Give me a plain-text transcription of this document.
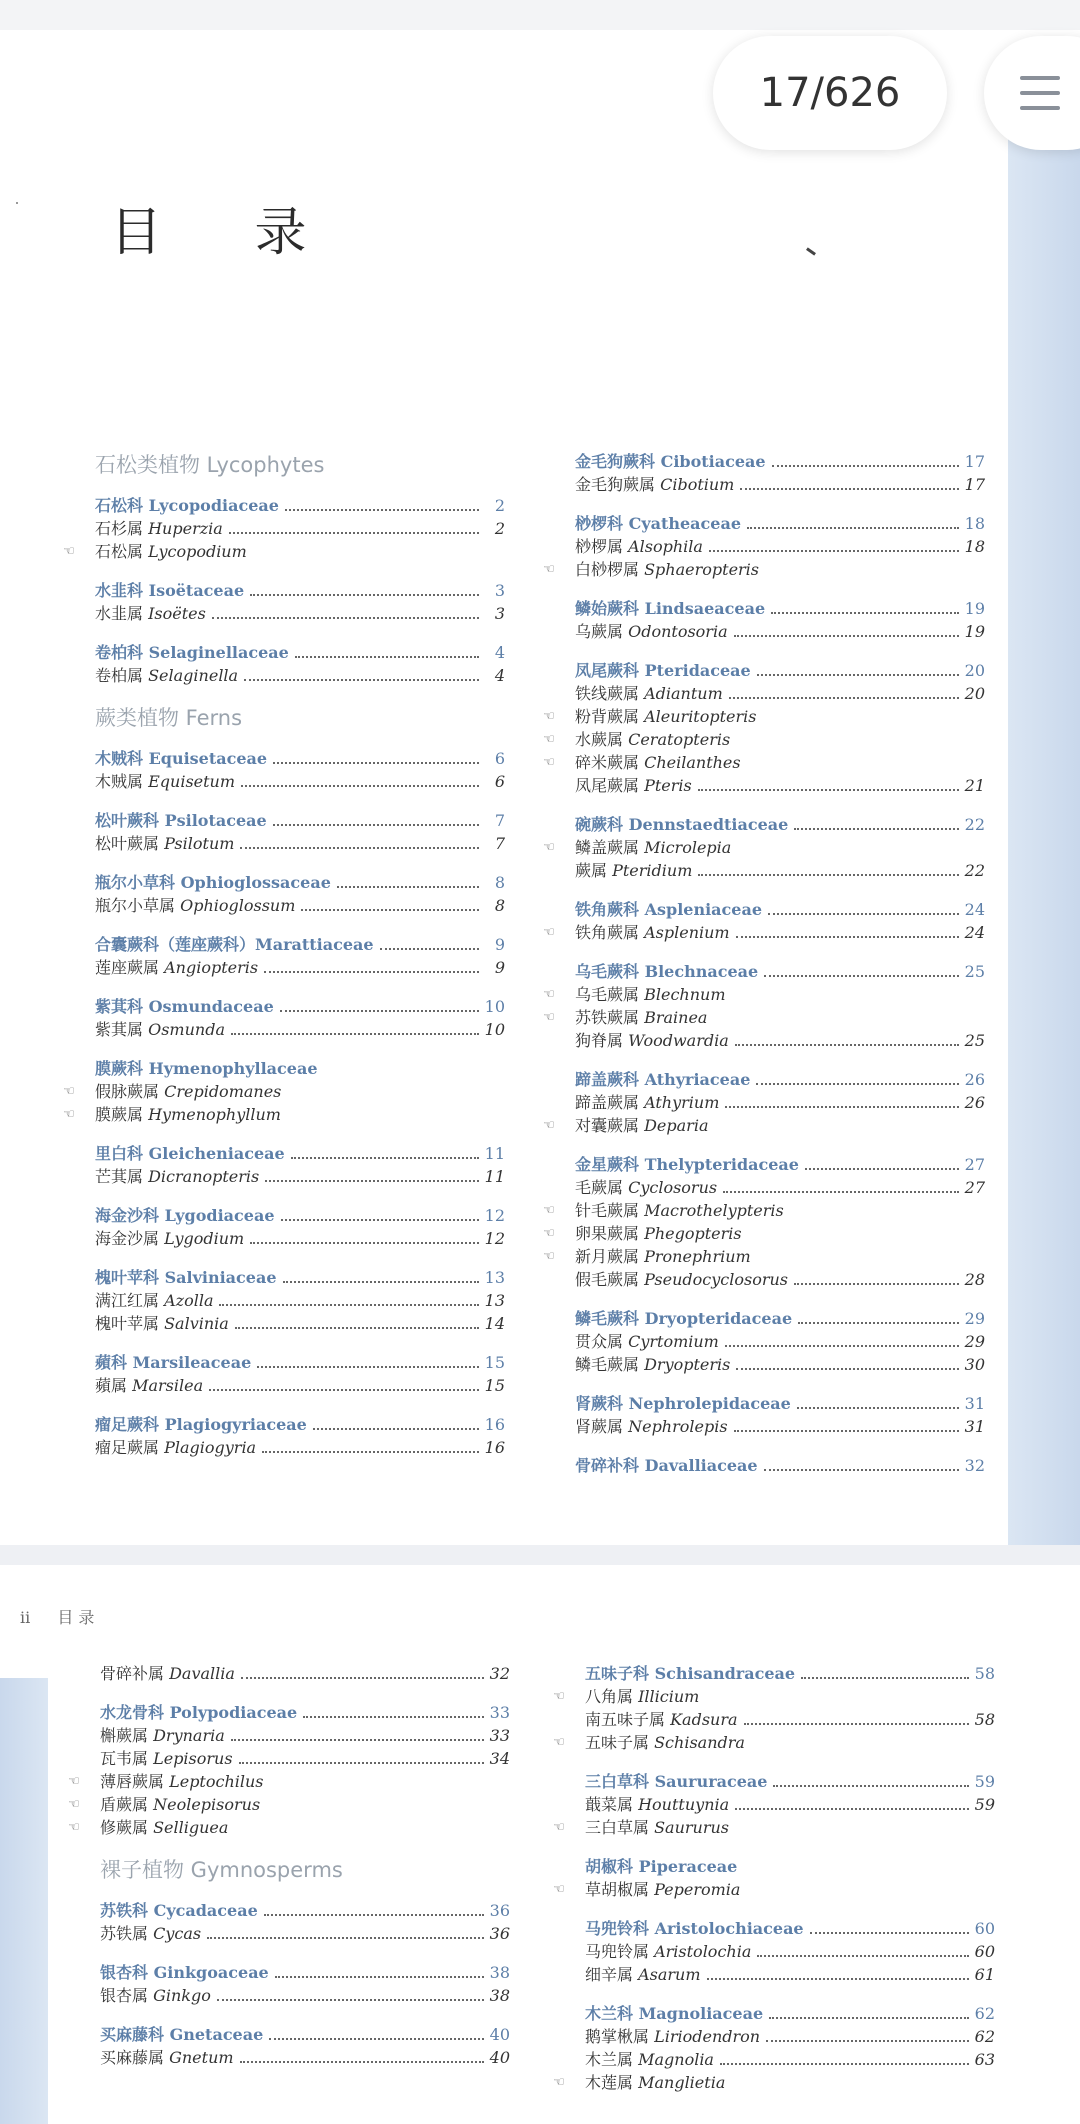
目 录
石松类植物 Lycophytes
石松科 Lycopodiaceae	2
石杉属 Huperzia	2
☜ 石松属 Lycopodium
水韭科 Isoëtaceae	3
水韭属 Isoëtes	3
卷柏科 Selaginellaceae	4
卷柏属 Selaginella	4
蕨类植物 Ferns
木贼科 Equisetaceae	6
木贼属 Equisetum	6
松叶蕨科 Psilotaceae	7
松叶蕨属 Psilotum	7
瓶尔小草科 Ophioglossaceae	8
瓶尔小草属 Ophioglossum	8
合囊蕨科（莲座蕨科）Marattiaceae	9
莲座蕨属 Angiopteris	9
紫萁科 Osmundaceae	10
紫萁属 Osmunda	10
膜蕨科 Hymenophyllaceae
☜ 假脉蕨属 Crepidomanes
☜ 膜蕨属 Hymenophyllum
里白科 Gleicheniaceae	11
芒萁属 Dicranopteris	11
海金沙科 Lygodiaceae	12
海金沙属 Lygodium	12
槐叶苹科 Salviniaceae	13
满江红属 Azolla	13
槐叶苹属 Salvinia	14
蘋科 Marsileaceae	15
蘋属 Marsilea	15
瘤足蕨科 Plagiogyriaceae	16
瘤足蕨属 Plagiogyria	16
金毛狗蕨科 Cibotiaceae	17
金毛狗蕨属 Cibotium	17
桫椤科 Cyatheaceae	18
桫椤属 Alsophila	18
☜ 白桫椤属 Sphaeropteris
鳞始蕨科 Lindsaeaceae	19
乌蕨属 Odontosoria	19
凤尾蕨科 Pteridaceae	20
铁线蕨属 Adiantum	20
☜ 粉背蕨属 Aleuritopteris
☜ 水蕨属 Ceratopteris
☜ 碎米蕨属 Cheilanthes
凤尾蕨属 Pteris	21
碗蕨科 Dennstaedtiaceae	22
☜ 鳞盖蕨属 Microlepia
蕨属 Pteridium	22
铁角蕨科 Aspleniaceae	24
☜ 铁角蕨属 Asplenium	24
乌毛蕨科 Blechnaceae	25
☜ 乌毛蕨属 Blechnum
☜ 苏铁蕨属 Brainea
狗脊属 Woodwardia	25
蹄盖蕨科 Athyriaceae	26
蹄盖蕨属 Athyrium	26
☜ 对囊蕨属 Deparia
金星蕨科 Thelypteridaceae	27
毛蕨属 Cyclosorus	27
☜ 针毛蕨属 Macrothelypteris
☜ 卵果蕨属 Phegopteris
☜ 新月蕨属 Pronephrium
假毛蕨属 Pseudocyclosorus	28
鳞毛蕨科 Dryopteridaceae	29
贯众属 Cyrtomium	29
鳞毛蕨属 Dryopteris	30
肾蕨科 Nephrolepidaceae	31
肾蕨属 Nephrolepis	31
骨碎补科 Davalliaceae	32
ii 目 录
骨碎补属 Davallia	32
水龙骨科 Polypodiaceae	33
槲蕨属 Drynaria	33
瓦韦属 Lepisorus	34
☜ 薄唇蕨属 Leptochilus
☜ 盾蕨属 Neolepisorus
☜ 修蕨属 Selliguea
裸子植物 Gymnosperms
苏铁科 Cycadaceae	36
苏铁属 Cycas	36
银杏科 Ginkgoaceae	38
银杏属 Ginkgo	38
买麻藤科 Gnetaceae	40
买麻藤属 Gnetum	40
五味子科 Schisandraceae	58
☜ 八角属 Illicium
南五味子属 Kadsura	58
☜ 五味子属 Schisandra
三白草科 Saururaceae	59
蕺菜属 Houttuynia	59
☜ 三白草属 Saururus
胡椒科 Piperaceae
☜ 草胡椒属 Peperomia
马兜铃科 Aristolochiaceae	60
马兜铃属 Aristolochia	60
细辛属 Asarum	61
木兰科 Magnoliaceae	62
鹅掌楸属 Liriodendron	62
木兰属 Magnolia	63
☜ 木莲属 Manglietia
17/626
